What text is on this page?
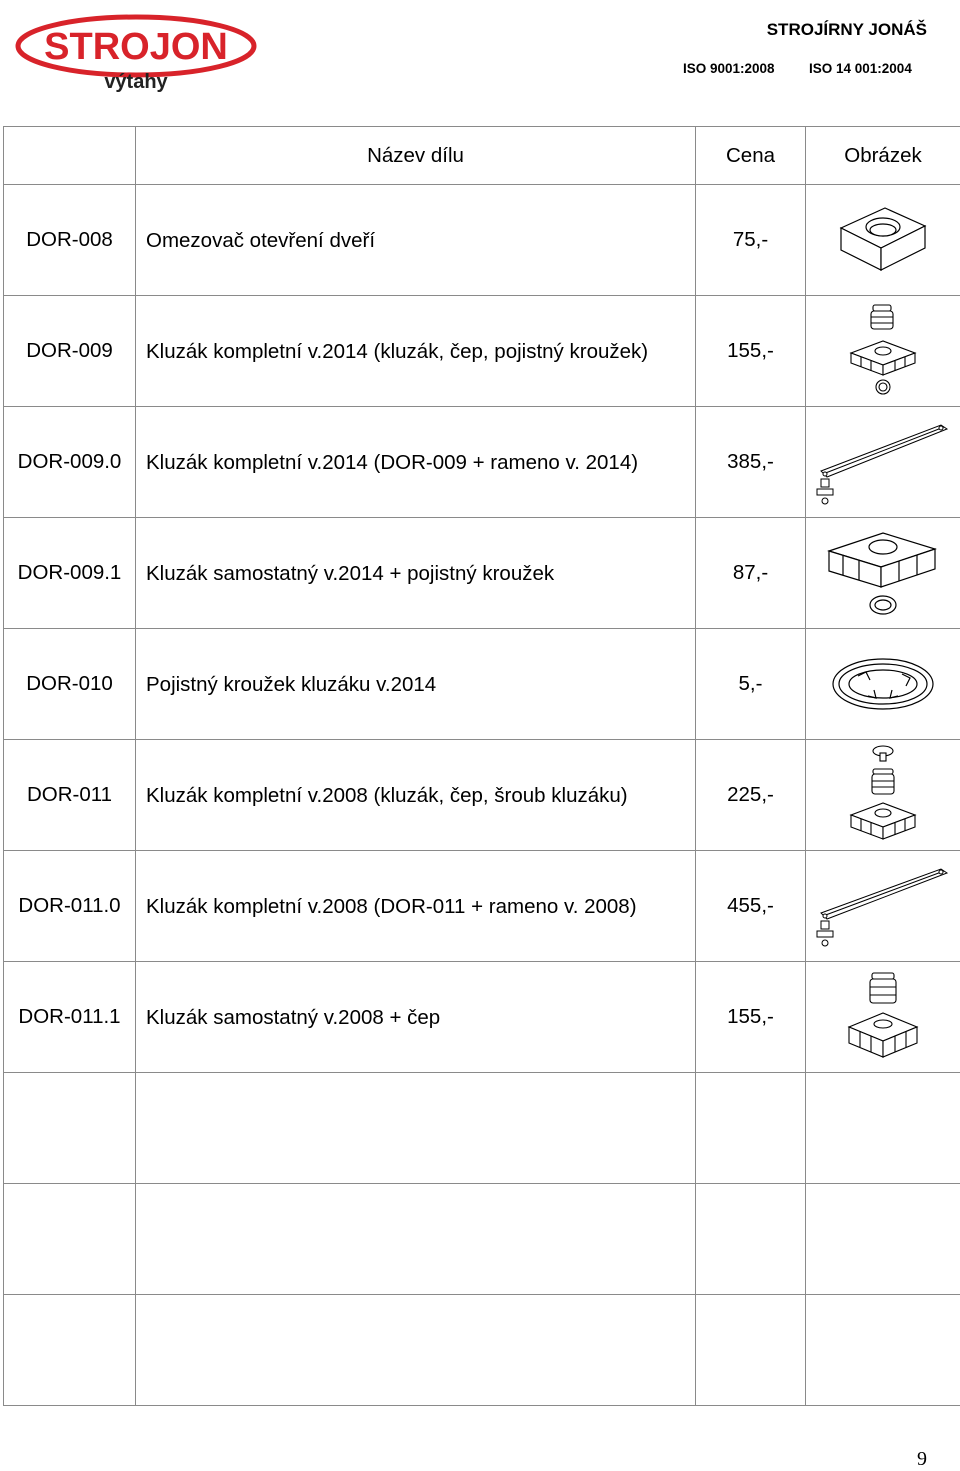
STROJON
výtahy
STROJÍRNY JONÁŠ
ISO 9001:2008	ISO 14 001:2004
	Název dílu	Cena	Obrázek
DOR-008	Omezovač otevření dveří	75,-	

DOR-009	Kluzák kompletní v.2014 (kluzák, čep, pojistný kroužek)	155,-	

DOR-009.0	Kluzák kompletní v.2014 (DOR-009 + rameno v. 2014)	385,-	

DOR-009.1	Kluzák samostatný v.2014 + pojistný kroužek	87,-	

DOR-010	Pojistný kroužek kluzáku v.2014	5,-	

DOR-011	Kluzák kompletní v.2008 (kluzák, čep, šroub kluzáku)	225,-	

DOR-011.0	Kluzák kompletní v.2008 (DOR-011 + rameno v. 2008)	455,-	

DOR-011.1	Kluzák samostatný v.2008 + čep	155,-	

9
